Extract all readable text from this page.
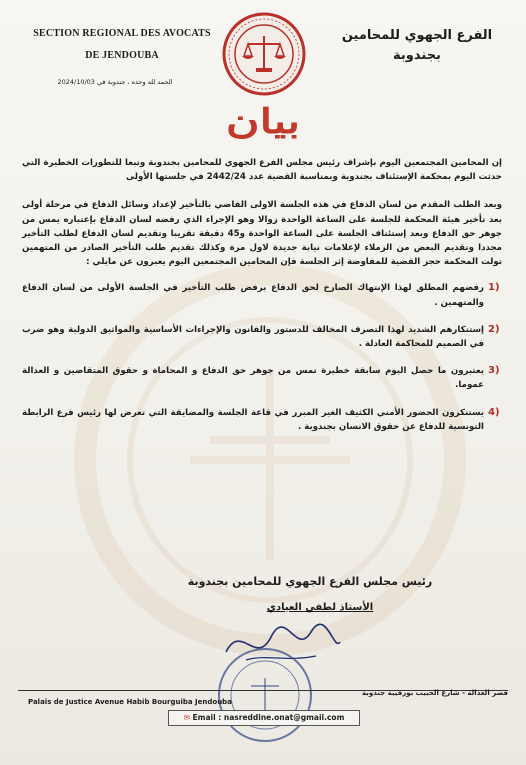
SECTION REGIONAL DES AVOCATS
DE JENDOUBA
الحمد لله وحده ، جندوبة في 2024/10/03
الفرع الجهوي للمحامين
بجندوبة
بيان

إن المحامين المجتمعين اليوم بإشراف رئيس مجلس الفرع الجهوي للمحامين بجندوبة وتبعا للتطورات الخطيرة التي حدثت اليوم بمحكمة الإستئناف بجندوبة وبمناسبة القضية عدد 2442/24 في جلستها الأولى

وبعد الطلب المقدم من لسان الدفاع في هذه الجلسة الاولى القاضي بالتأخير لإعداد وسائل الدفاع في مرحلة أولى بعد تأخير هيئة المحكمة للجلسة على الساعة الواحدة زوالا وهو الإجراء الذي رفضه لسان الدفاع بإعتباره يمس من جوهر حق الدفاع وبعد إستئناف الجلسة على الساعة الواحدة و45 دقيقة تقريبا وتقديم لسان الدفاع لطلب التأخير مجددا وتقديم البعض من الزملاء لإعلامات نيابة جديدة لاول مرة وكذلك تقديم طلب التأخير الصادر من المتهمين تولت المحكمة حجز القضية للمفاوضة إثر الجلسة فإن المحامين المجتمعين اليوم يعبرون عن مايلي :

1)
رفضهم المطلق لهذا الإنتهاك الصارخ لحق الدفاع برفض طلب التأخير في الجلسة الأولى من لسان الدفاع والمتهمين .
2)
إستنكارهم الشديد لهذا التصرف المخالف للدستور والقانون والإجراءات الأساسية والمواثيق الدولية وهو ضرب في الصميم للمحاكمة العادلة .
3)
يعتبرون ما حصل اليوم سابقة خطيرة تمس من جوهر حق الدفاع و المحاماة و حقوق المتقاضين و العدالة عموما.
4)
يستنكرون الحضور الأمني الكثيف الغير المبرر في قاعة الجلسة والمضايقة التي تعرض لها رئيس فرع الرابطة التونسية للدفاع عن حقوق الانسان بجندوبة .
رئيس مجلس الفرع الجهوي للمحامين بجندوبة
الأستاذ لطفي العيادي
Palais de Justice Avenue Habib Bourguiba Jendouba
قصر العدالة - شارع الحبيب بورقيبة جندوبة
✉ Email : nasreddine.onat@gmail.com
